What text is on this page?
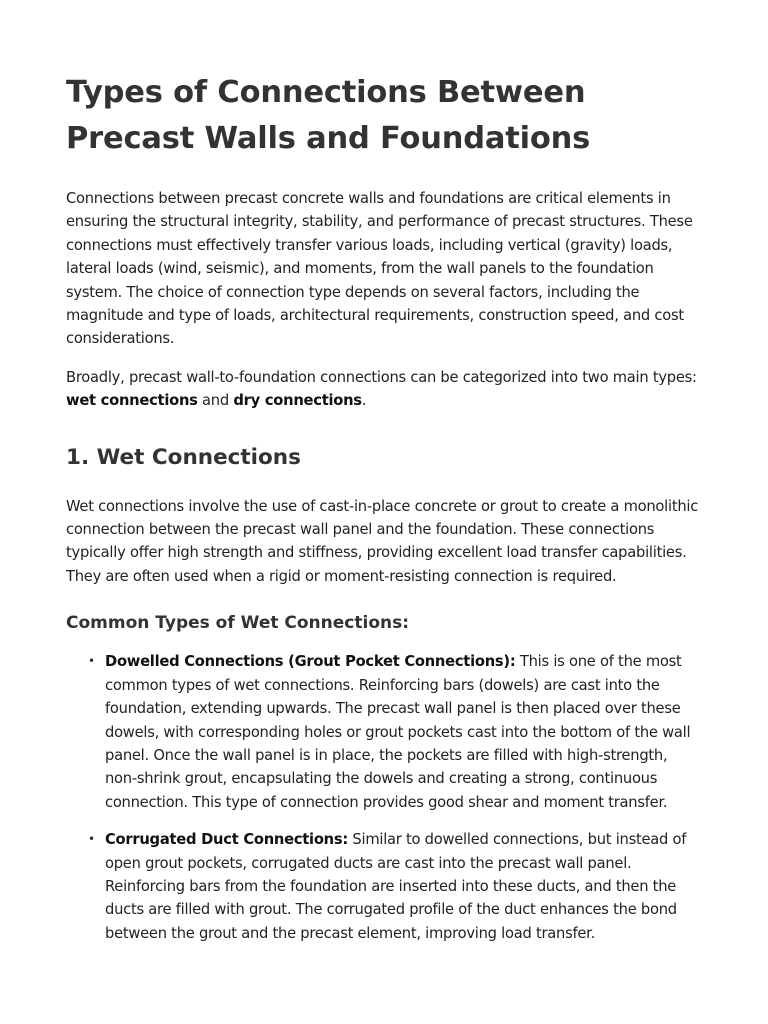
Types of Connections Between Precast Walls and Foundations

Connections between precast concrete walls and foundations are critical elements in ensuring the structural integrity, stability, and performance of precast structures. These connections must effectively transfer various loads, including vertical (gravity) loads, lateral loads (wind, seismic), and moments, from the wall panels to the foundation system. The choice of connection type depends on several factors, including the magnitude and type of loads, architectural requirements, construction speed, and cost considerations.

Broadly, precast wall-to-foundation connections can be categorized into two main types: wet connections and dry connections.

1. Wet Connections

Wet connections involve the use of cast-in-place concrete or grout to create a monolithic connection between the precast wall panel and the foundation. These connections typically offer high strength and stiffness, providing excellent load transfer capabilities. They are often used when a rigid or moment-resisting connection is required.

Common Types of Wet Connections:
• Dowelled Connections (Grout Pocket Connections): This is one of the most common types of wet connections. Reinforcing bars (dowels) are cast into the foundation, extending upwards. The precast wall panel is then placed over these dowels, with corresponding holes or grout pockets cast into the bottom of the wall panel. Once the wall panel is in place, the pockets are filled with high-strength, non-shrink grout, encapsulating the dowels and creating a strong, continuous connection. This type of connection provides good shear and moment transfer.
• Corrugated Duct Connections: Similar to dowelled connections, but instead of open grout pockets, corrugated ducts are cast into the precast wall panel. Reinforcing bars from the foundation are inserted into these ducts, and then the ducts are filled with grout. The corrugated profile of the duct enhances the bond between the grout and the precast element, improving load transfer.
